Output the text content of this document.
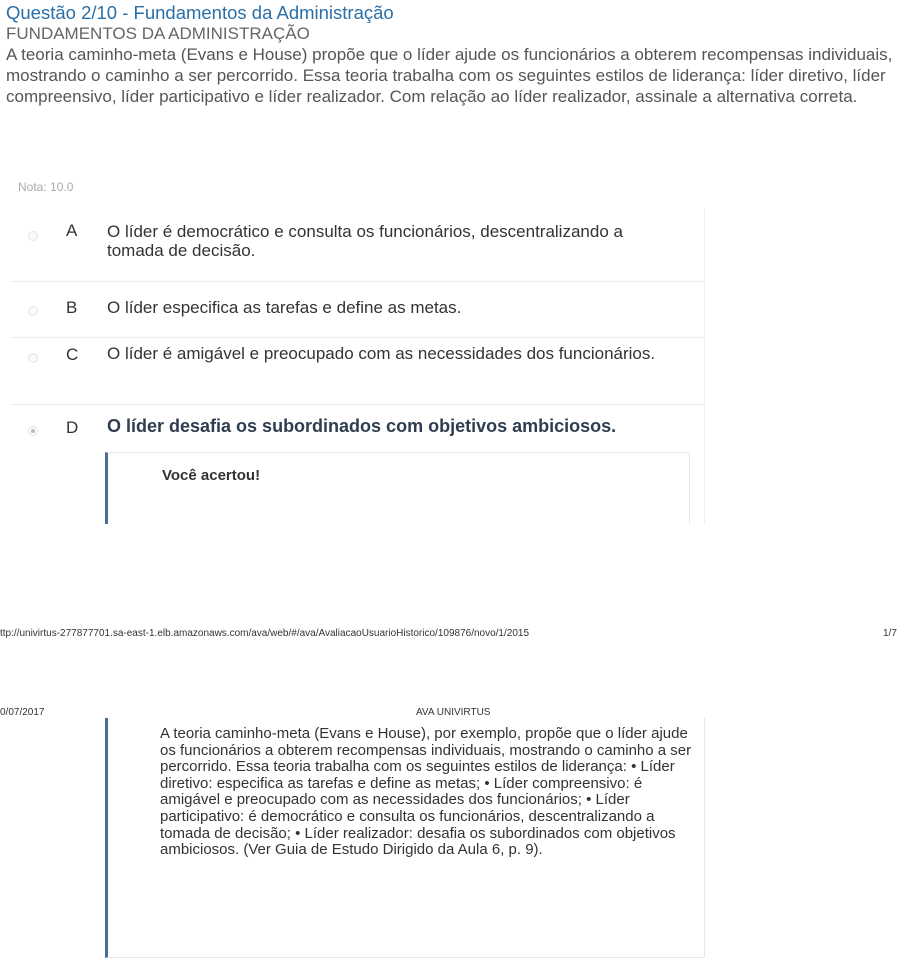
Questão 2/10 - Fundamentos da Administração
FUNDAMENTOS DA ADMINISTRAÇÃO
A teoria caminho-meta (Evans e House) propõe que o líder ajude os funcionários a obterem recompensas individuais, mostrando o caminho a ser percorrido. Essa teoria trabalha com os seguintes estilos de liderança: líder diretivo, líder compreensivo, líder participativo e líder realizador. Com relação ao líder realizador, assinale a alternativa correta.
Nota: 10.0
A O líder é democrático e consulta os funcionários, descentralizando a tomada de decisão.
B O líder especifica as tarefas e define as metas.
C O líder é amigável e preocupado com as necessidades dos funcionários.
D O líder desafia os subordinados com objetivos ambiciosos.
Você acertou!
ttp://univirtus-277877701.sa-east-1.elb.amazonaws.com/ava/web/#/ava/AvaliacaoUsuarioHistorico/109876/novo/1/2015	1/7
0/07/2017	AVA UNIVIRTUS
A teoria caminho-meta (Evans e House), por exemplo, propõe que o líder ajude os funcionários a obterem recompensas individuais, mostrando o caminho a ser percorrido. Essa teoria trabalha com os seguintes estilos de liderança: • Líder diretivo: especifica as tarefas e define as metas; • Líder compreensivo: é amigável e preocupado com as necessidades dos funcionários; • Líder participativo: é democrático e consulta os funcionários, descentralizando a tomada de decisão; • Líder realizador: desafia os subordinados com objetivos ambiciosos. (Ver Guia de Estudo Dirigido da Aula 6, p. 9).
